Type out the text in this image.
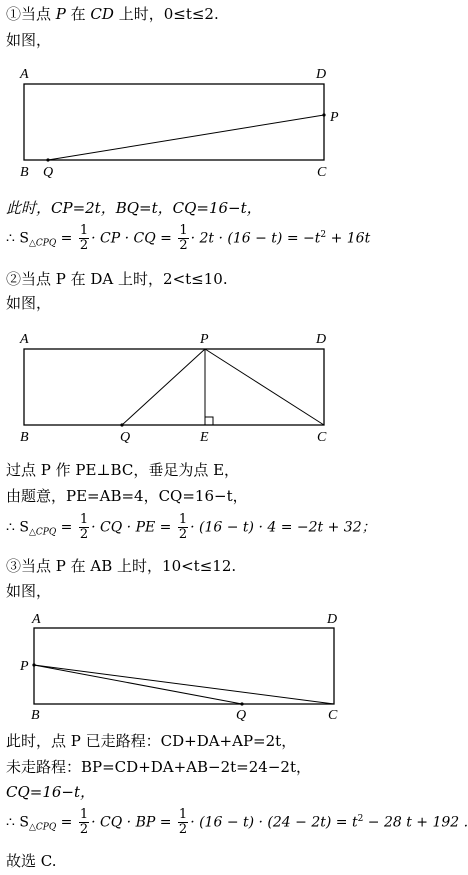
①当点 P 在 CD 上时，0≤t≤2.
如图，
A	D
P
B Q	C
此时，CP=2t，BQ=t，CQ=16−t，
∴ $S_{\triangle CPQ} = \frac{1}{2}$ · CP · CQ = $\frac{1}{2} \cdot 2t \cdot (16 - t) = -t^2 + 16t$
②当点 P 在 DA 上时，2<t≤10.
如图，
A	P	D
B	Q	E	C
过点 P 作 PE⊥BC，垂足为点 E，
由题意，PE=AB=4，CQ=16−t，
∴ $S_{\triangle CPQ} = \frac{1}{2}$ · CQ · PE = $\frac{1}{2} \cdot (16 - t) \cdot 4 = -2t + 32$；
③当点 P 在 AB 上时，10<t≤12.
如图，
A	D
P
B	Q	C
此时，点 P 已走路程：CD+DA+AP=2t，
未走路程：BP=CD+DA+AB−2t=24−2t，
CQ=16−t，
∴ $S_{\triangle CPQ} = \frac{1}{2}$ · CQ · BP = $\frac{1}{2} \cdot (16 - t) \cdot (24 - 2t) = t^2 - 28$ t + 192 .
故选 C.
